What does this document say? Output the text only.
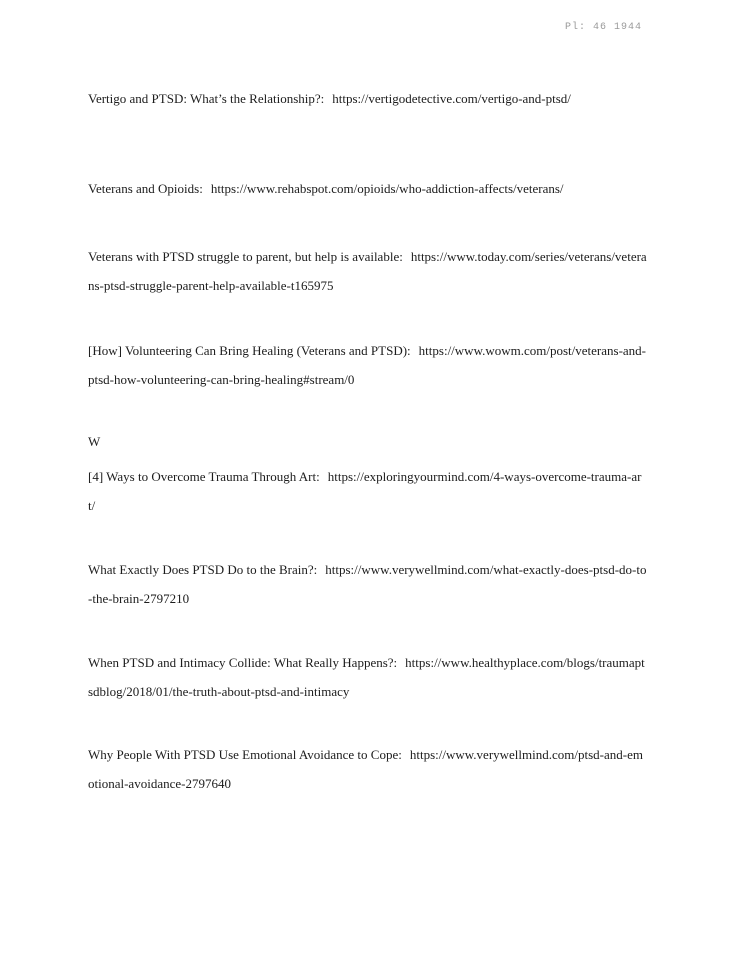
Pl: 46 1944
Vertigo and PTSD: What’s the Relationship?: https://vertigodetective.com/vertigo-and-ptsd/
Veterans and Opioids: https://www.rehabspot.com/opioids/who-addiction-affects/veterans/
Veterans with PTSD struggle to parent, but help is available: https://www.today.com/series/veterans/veterans-ptsd-struggle-parent-help-available-t165975
[How] Volunteering Can Bring Healing (Veterans and PTSD): https://www.wowm.com/post/veterans-and-ptsd-how-volunteering-can-bring-healing#stream/0
W
[4] Ways to Overcome Trauma Through Art: https://exploringyourmind.com/4-ways-overcome-trauma-art/
What Exactly Does PTSD Do to the Brain?: https://www.verywellmind.com/what-exactly-does-ptsd-do-to-the-brain-2797210
When PTSD and Intimacy Collide: What Really Happens?: https://www.healthyplace.com/blogs/traumaptsdblog/2018/01/the-truth-about-ptsd-and-intimacy
Why People With PTSD Use Emotional Avoidance to Cope: https://www.verywellmind.com/ptsd-and-emotional-avoidance-2797640
